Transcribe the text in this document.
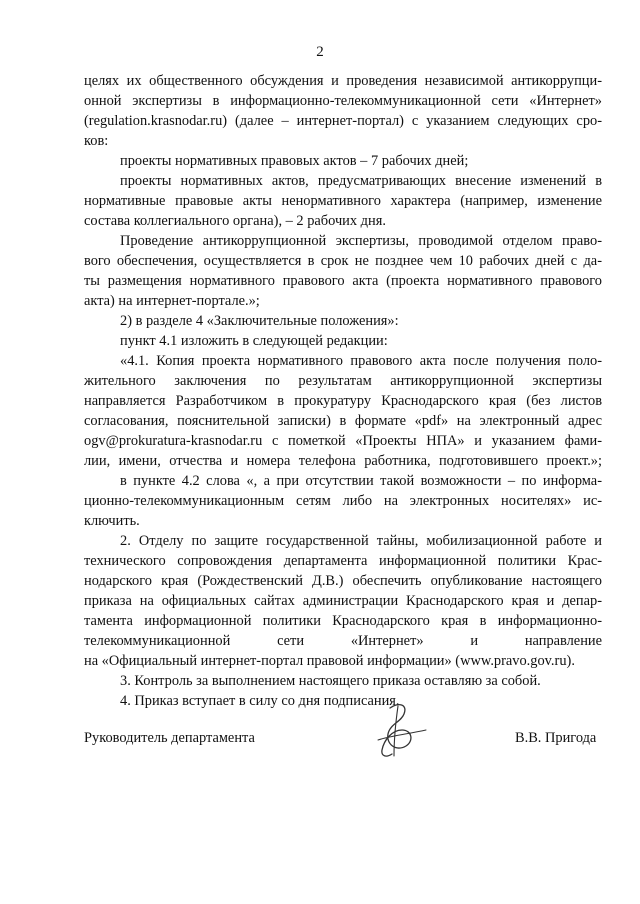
2
целях их общественного обсуждения и проведения независимой антикоррупци-
онной экспертизы в информационно-телекоммуникационной сети «Интернет»
(regulation.krasnodar.ru) (далее – интернет-портал) с указанием следующих сро-
ков:
проекты нормативных правовых актов – 7 рабочих дней;
проекты нормативных актов, предусматривающих внесение изменений в
нормативные правовые акты ненормативного характера (например, изменение
состава коллегиального органа), – 2 рабочих дня.
Проведение антикоррупционной экспертизы, проводимой отделом право-
вого обеспечения, осуществляется в срок не позднее чем 10 рабочих дней с да-
ты размещения нормативного правового акта (проекта нормативного правового
акта) на интернет-портале.»;
2) в разделе 4 «Заключительные положения»:
пункт 4.1 изложить в следующей редакции:
«4.1. Копия проекта нормативного правового акта после получения поло-
жительного заключения по результатам антикоррупционной экспертизы
направляется Разработчиком в прокуратуру Краснодарского края (без листов
согласования, пояснительной записки) в формате «pdf» на электронный адрес
ogv@prokuratura-krasnodar.ru с пометкой «Проекты НПА» и указанием фами-
лии, имени, отчества и номера телефона работника, подготовившего проект.»;
в пункте 4.2 слова «, а при отсутствии такой возможности – по информа-
ционно-телекоммуникационным сетям либо на электронных носителях» ис-
ключить.
2. Отделу по защите государственной тайны, мобилизационной работе и
технического сопровождения департамента информационной политики Крас-
нодарского края (Рождественский Д.В.) обеспечить опубликование настоящего
приказа на официальных сайтах администрации Краснодарского края и депар-
тамента информационной политики Краснодарского края в информационно-
телекоммуникационной сети «Интернет» и направление
на «Официальный интернет-портал правовой информации» (www.pravo.gov.ru).
3. Контроль за выполнением настоящего приказа оставляю за собой.
4. Приказ вступает в силу со дня подписания.
Руководитель департамента	В.В. Пригода
